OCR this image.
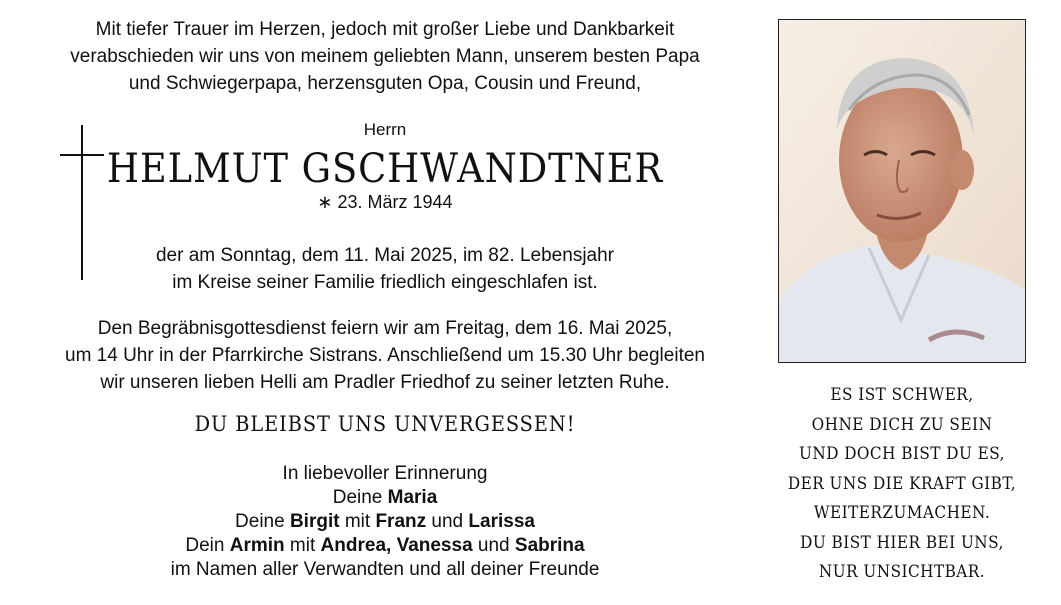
Mit tiefer Trauer im Herzen, jedoch mit großer Liebe und Dankbarkeit
verabschieden wir uns von meinem geliebten Mann, unserem besten Papa
und Schwiegerpapa, herzensguten Opa, Cousin und Freund,
Herrn
HELMUT GSCHWANDTNER
∗ 23. März 1944
der am Sonntag, dem 11. Mai 2025, im 82. Lebensjahr
im Kreise seiner Familie friedlich eingeschlafen ist.
Den Begräbnisgottesdienst feiern wir am Freitag, dem 16. Mai 2025,
um 14 Uhr in der Pfarrkirche Sistrans. Anschließend um 15.30 Uhr begleiten
wir unseren lieben Helli am Pradler Friedhof zu seiner letzten Ruhe.
DU BLEIBST UNS UNVERGESSEN!
In liebevoller Erinnerung
Deine Maria
Deine Birgit mit Franz und Larissa
Dein Armin mit Andrea, Vanessa und Sabrina
im Namen aller Verwandten und all deiner Freunde
ES IST SCHWER,
OHNE DICH ZU SEIN
UND DOCH BIST DU ES,
DER UNS DIE KRAFT GIBT,
WEITERZUMACHEN.
DU BIST HIER BEI UNS,
NUR UNSICHTBAR.
